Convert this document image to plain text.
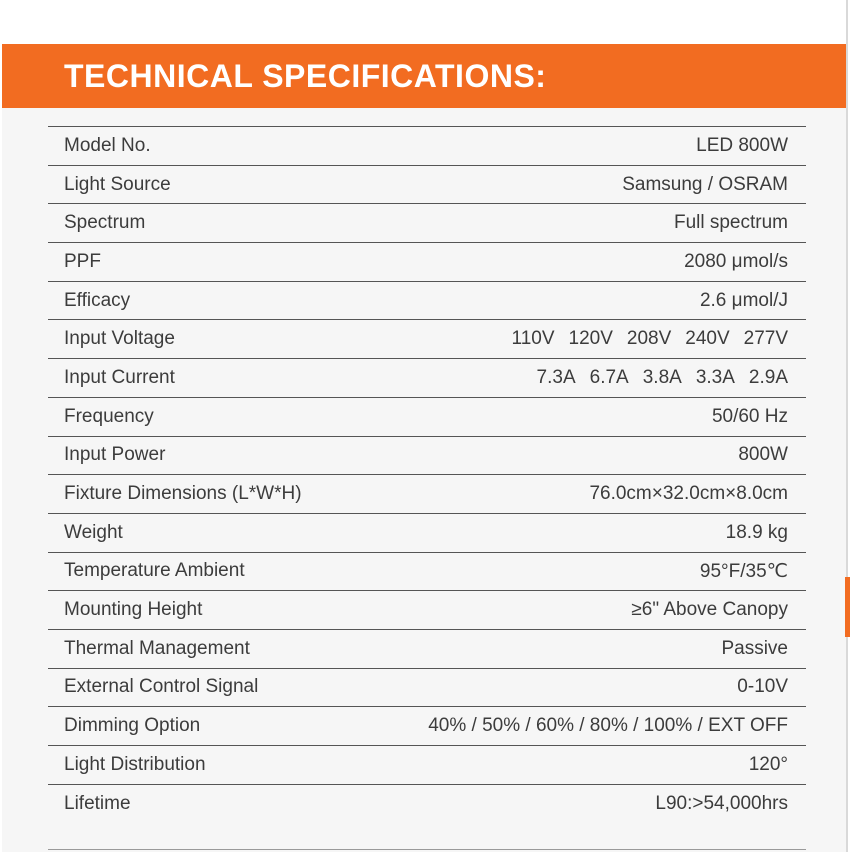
TECHNICAL SPECIFICATIONS:
Model No.	LED 800W
Light Source	Samsung / OSRAM
Spectrum	Full spectrum
PPF	2080 μmol/s
Efficacy	2.6 μmol/J
Input Voltage	110V 120V 208V 240V 277V
Input Current	7.3A 6.7A 3.8A 3.3A 2.9A
Frequency	50/60 Hz
Input Power	800W
Fixture Dimensions (L*W*H)	76.0cm×32.0cm×8.0cm
Weight	18.9 kg
Temperature Ambient	95°F/35℃
Mounting Height	≥6" Above Canopy
Thermal Management	Passive
External Control Signal	0-10V
Dimming Option	40% / 50% / 60% / 80% / 100% / EXT OFF
Light Distribution	120°
Lifetime	L90:>54,000hrs
